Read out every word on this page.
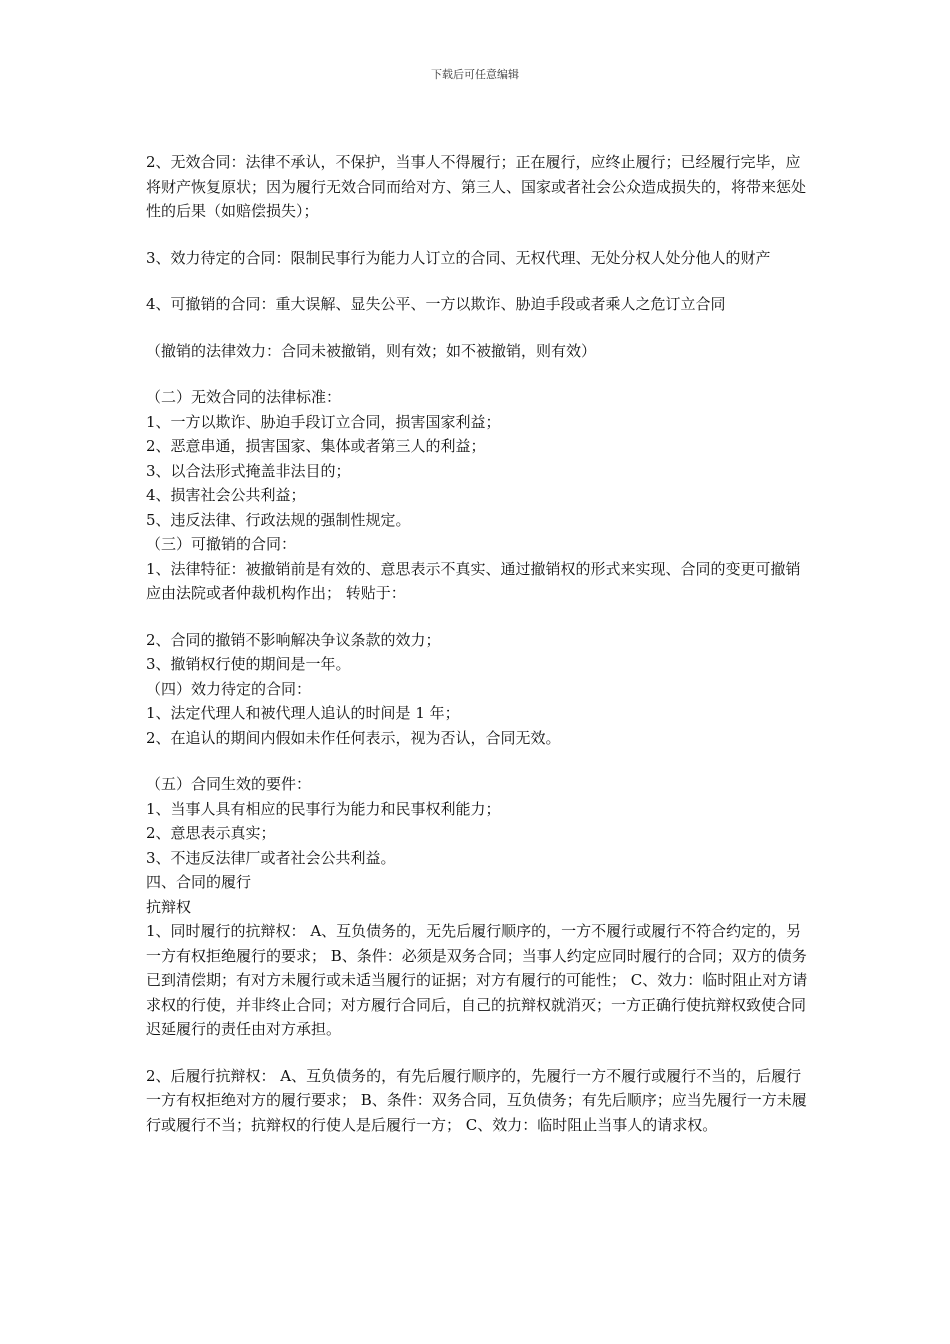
下载后可任意编辑

2、无效合同：法律不承认，不保护，当事人不得履行；正在履行，应终止履行；已经履行完毕，应将财产恢复原状；因为履行无效合同而给对方、第三人、国家或者社会公众造成损失的，将带来惩处性的后果（如赔偿损失）；

3、效力待定的合同：限制民事行为能力人订立的合同、无权代理、无处分权人处分他人的财产

4、可撤销的合同：重大误解、显失公平、一方以欺诈、胁迫手段或者乘人之危订立合同

（撤销的法律效力：合同未被撤销，则有效；如不被撤销，则有效）

（二）无效合同的法律标准：

1、一方以欺诈、胁迫手段订立合同，损害国家利益；

2、恶意串通，损害国家、集体或者第三人的利益；

3、以合法形式掩盖非法目的；

4、损害社会公共利益；

5、违反法律、行政法规的强制性规定。

（三）可撤销的合同：

1、法律特征：被撤销前是有效的、意思表示不真实、通过撤销权的形式来实现、合同的变更可撤销应由法院或者仲裁机构作出； 转贴于：

2、合同的撤销不影响解决争议条款的效力；

3、撤销权行使的期间是一年。

（四）效力待定的合同：

1、法定代理人和被代理人追认的时间是 1 年；

2、在追认的期间内假如未作任何表示，视为否认，合同无效。

（五）合同生效的要件：

1、当事人具有相应的民事行为能力和民事权利能力；

2、意思表示真实；

3、不违反法律厂或者社会公共利益。

四、合同的履行

抗辩权

1、同时履行的抗辩权： A、互负债务的，无先后履行顺序的，一方不履行或履行不符合约定的，另一方有权拒绝履行的要求； B、条件：必须是双务合同；当事人约定应同时履行的合同；双方的债务已到清偿期；有对方未履行或未适当履行的证据；对方有履行的可能性； C、效力：临时阻止对方请求权的行使，并非终止合同；对方履行合同后，自己的抗辩权就消灭；一方正确行使抗辩权致使合同迟延履行的责任由对方承担。

2、后履行抗辩权： A、互负债务的，有先后履行顺序的，先履行一方不履行或履行不当的，后履行一方有权拒绝对方的履行要求； B、条件：双务合同，互负债务；有先后顺序；应当先履行一方未履行或履行不当；抗辩权的行使人是后履行一方； C、效力：临时阻止当事人的请求权。
